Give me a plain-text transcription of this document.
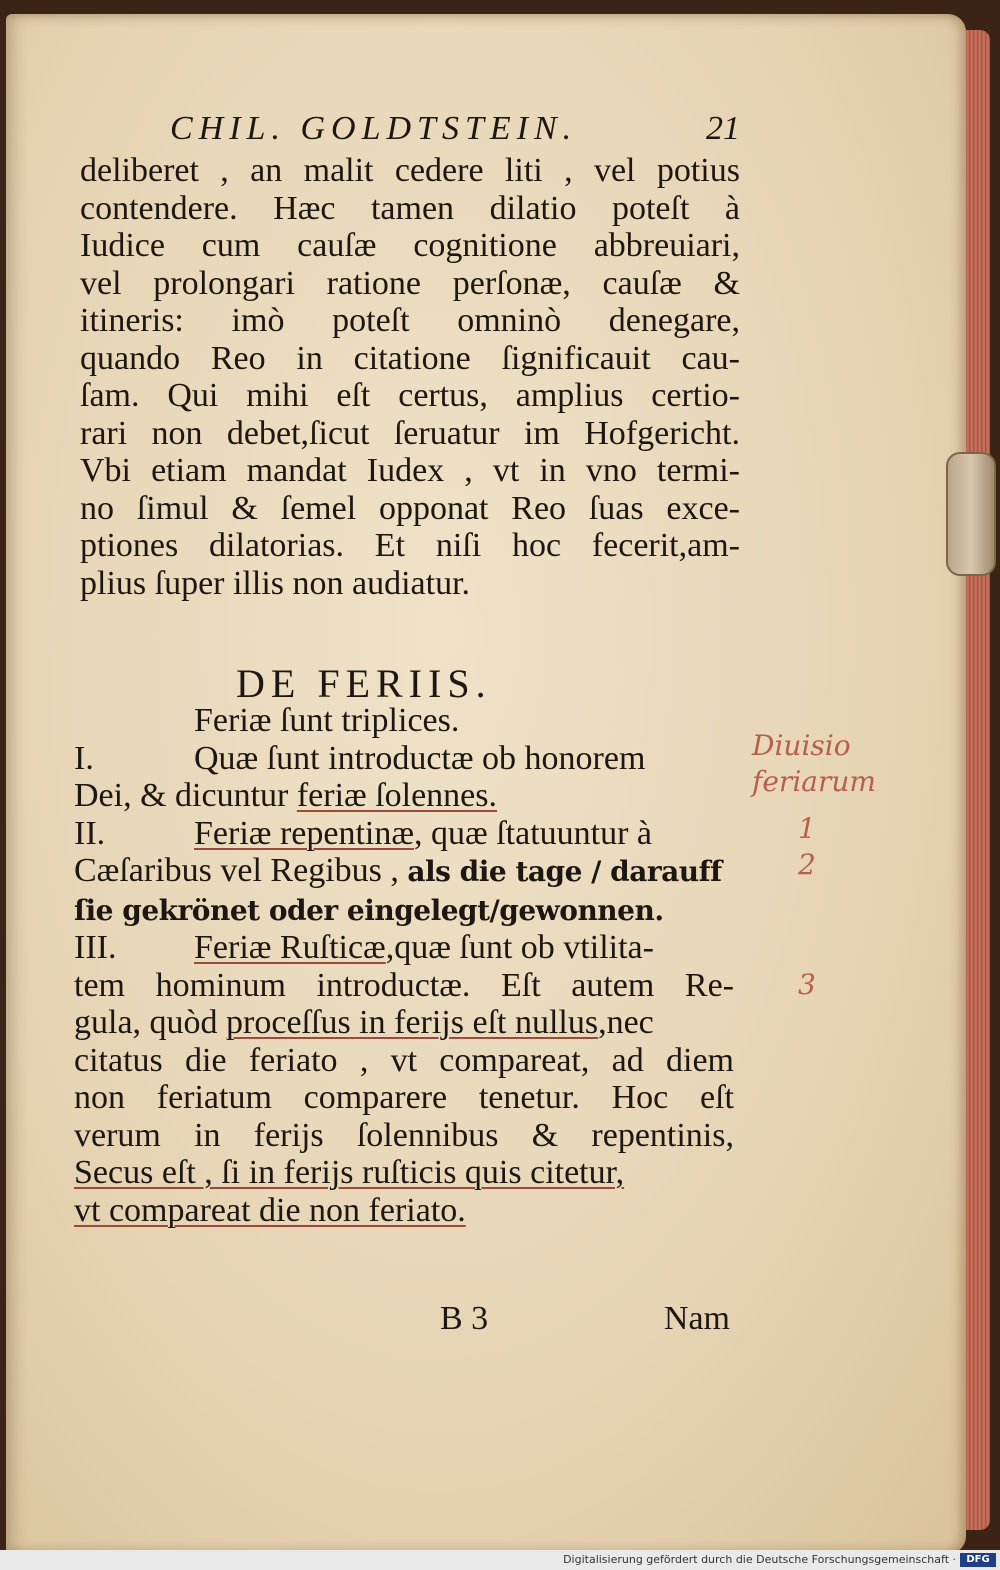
CHIL. GOLDTSTEIN.	21
deliberet , an malit cedere liti , vel potius
contendere. Hæc tamen dilatio poteſt à
Iudice cum cauſæ cognitione abbreuiari,
vel prolongari ratione perſonæ, cauſæ &
itineris: imò poteſt omninò denegare,
quando Reo in citatione ſignificauit cau-
ſam. Qui mihi eſt certus, amplius certio-
rari non debet,ſicut ſeruatur im Hofgericht.
Vbi etiam mandat Iudex , vt in vno termi-
no ſimul & ſemel opponat Reo ſuas exce-
ptiones dilatorias. Et niſi hoc fecerit,am-
plius ſuper illis non audiatur.
DE FERIIS.
Feriæ ſunt triplices.
I.	Quæ ſunt introductæ ob honorem
Dei, & dicuntur feriæ ſolennes.
II.	Feriæ repentinæ, quæ ſtatuuntur à
Cæſaribus vel Regibus , als die tage / darauff
ſie gekrönet oder eingelegt/gewonnen.
III. Feriæ Ruſticæ,quæ ſunt ob vtilita-
tem hominum introductæ. Eſt autem Re-
gula, quòd proceſſus in ferijs eſt nullus,nec
citatus die feriato , vt compareat, ad diem
non feriatum comparere tenetur. Hoc eſt
verum in ferijs ſolennibus & repentinis,
Secus eſt , ſi in ferijs ruſticis quis citetur,
vt compareat die non feriato.
B 3	Nam
Diuisio feriarum
1
2
3
Digitalisierung gefördert durch die Deutsche Forschungsgemeinschaft ·	DFG
